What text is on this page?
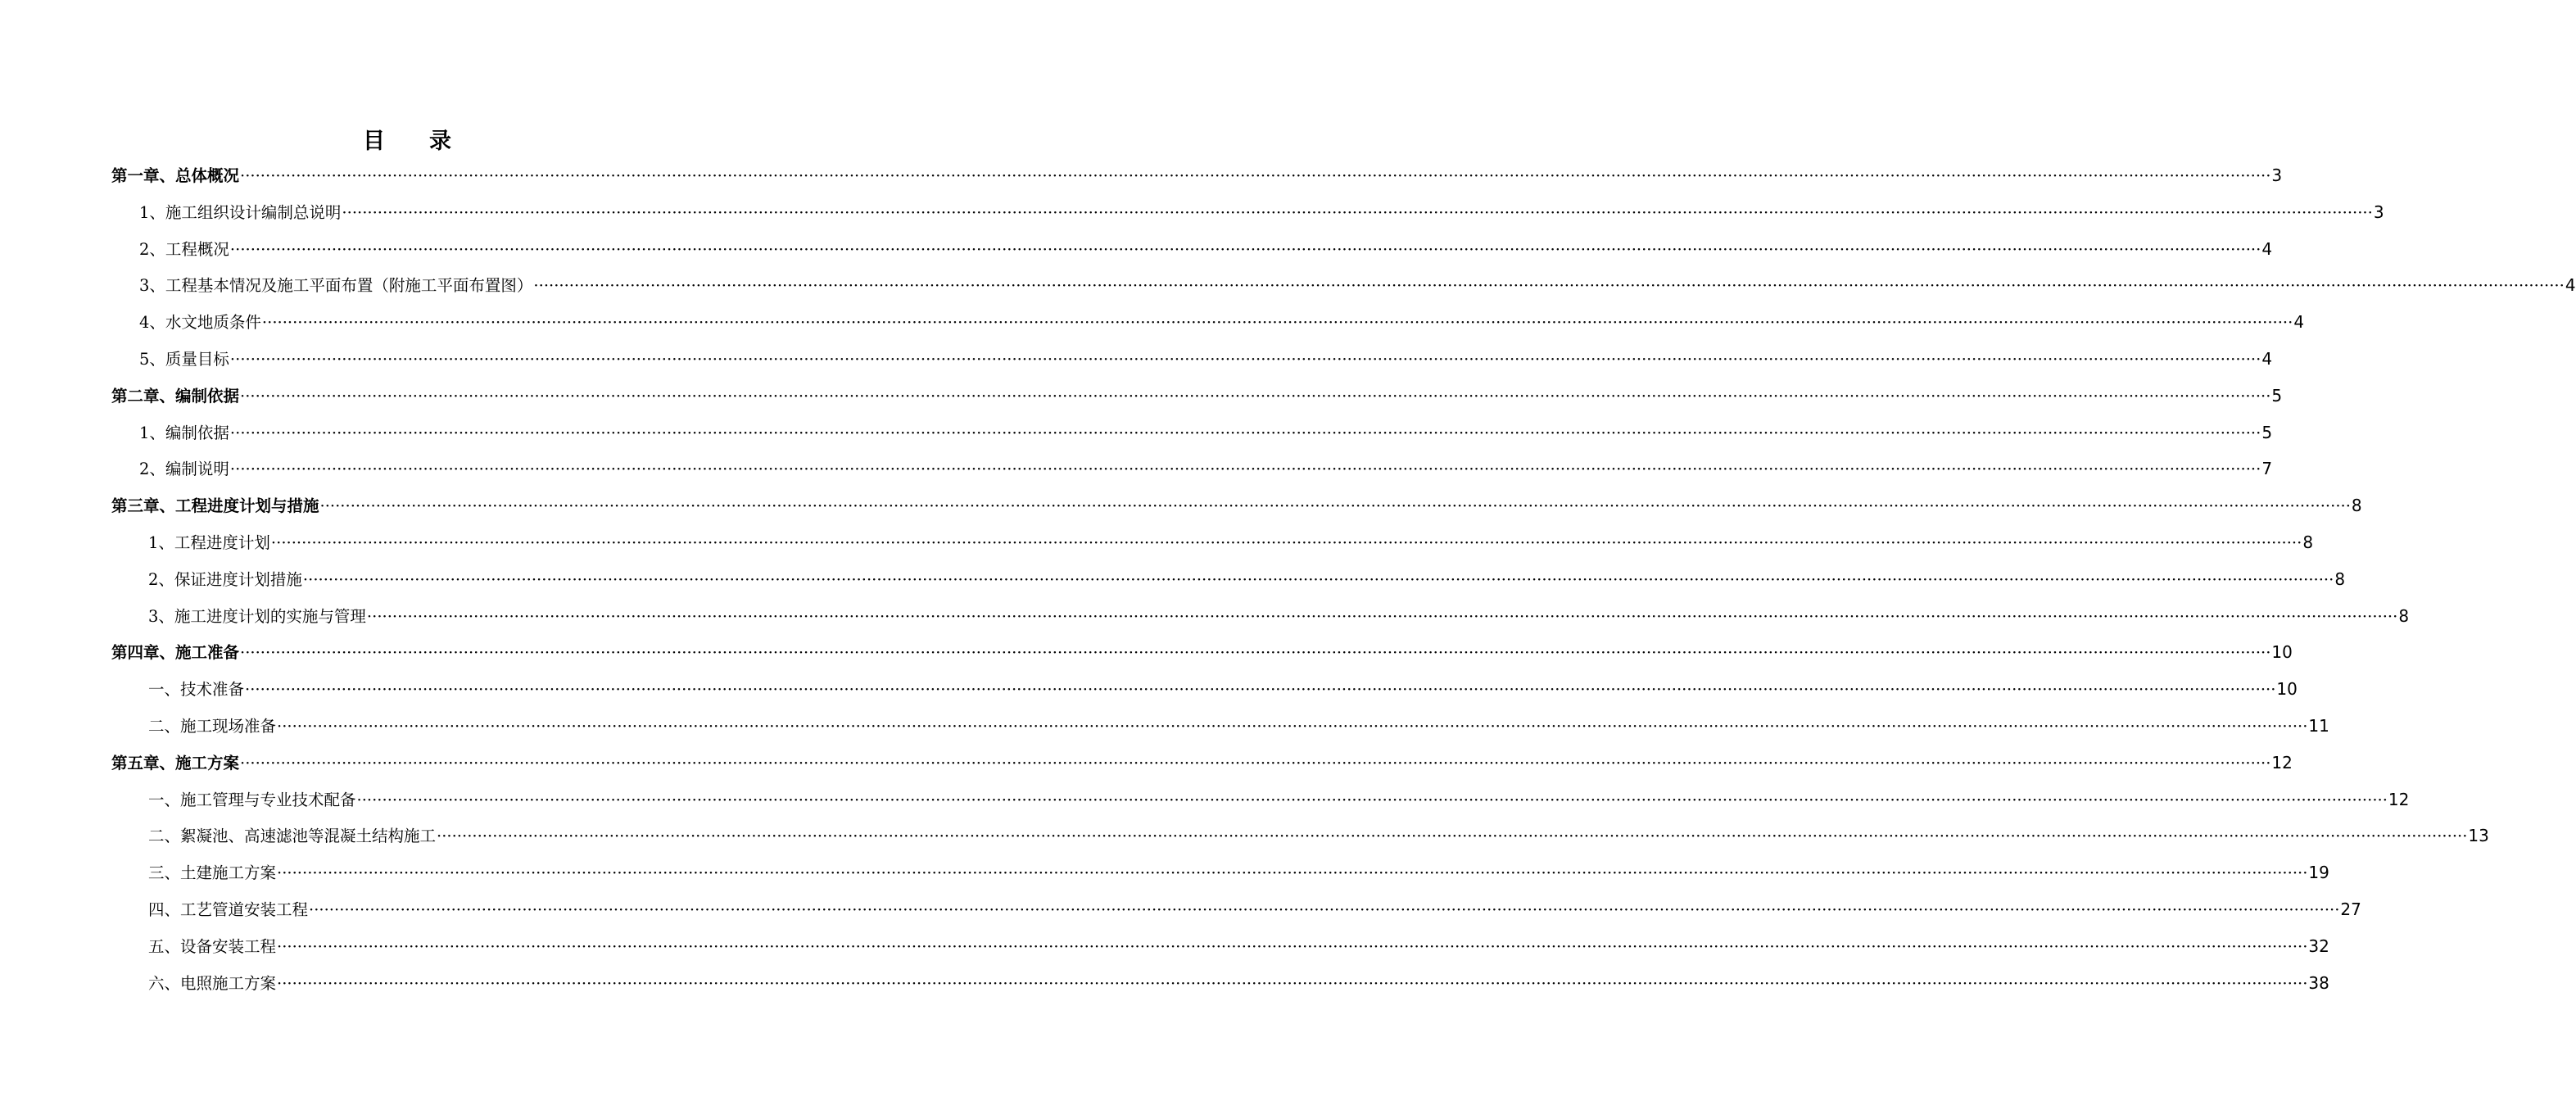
目 录
第一章、总体概况 ················································································································································································································································································································································································································ 3
1、施工组织设计编制总说明 ················································································································································································································································································································································································································ 3
2、工程概况 ················································································································································································································································································································································································································ 4
3、工程基本情况及施工平面布置（附施工平面布置图） ················································································································································································································································································································································································································ 4
4、水文地质条件 ················································································································································································································································································································································································································ 4
5、质量目标 ················································································································································································································································································································································································································ 4
第二章、编制依据 ················································································································································································································································································································································································································ 5
1、编制依据 ················································································································································································································································································································································································································ 5
2、编制说明 ················································································································································································································································································································································································································ 7
第三章、工程进度计划与措施 ················································································································································································································································································································································································································ 8
1、工程进度计划 ················································································································································································································································································································································································································ 8
2、保证进度计划措施 ················································································································································································································································································································································································································ 8
3、施工进度计划的实施与管理 ················································································································································································································································································································································································································ 8
第四章、施工准备 ················································································································································································································································································································································································································ 10
一、技术准备 ················································································································································································································································································································································································································ 10
二、施工现场准备 ················································································································································································································································································································································································································ 11
第五章、施工方案 ················································································································································································································································································································································································································ 12
一、施工管理与专业技术配备 ················································································································································································································································································································································································································ 12
二、絮凝池、高速滤池等混凝土结构施工 ················································································································································································································································································································································································································ 13
三、土建施工方案 ················································································································································································································································································································································································································ 19
四、工艺管道安装工程 ················································································································································································································································································································································································································ 27
五、设备安装工程 ················································································································································································································································································································································································································ 32
六、电照施工方案 ················································································································································································································································································································································································································ 38
